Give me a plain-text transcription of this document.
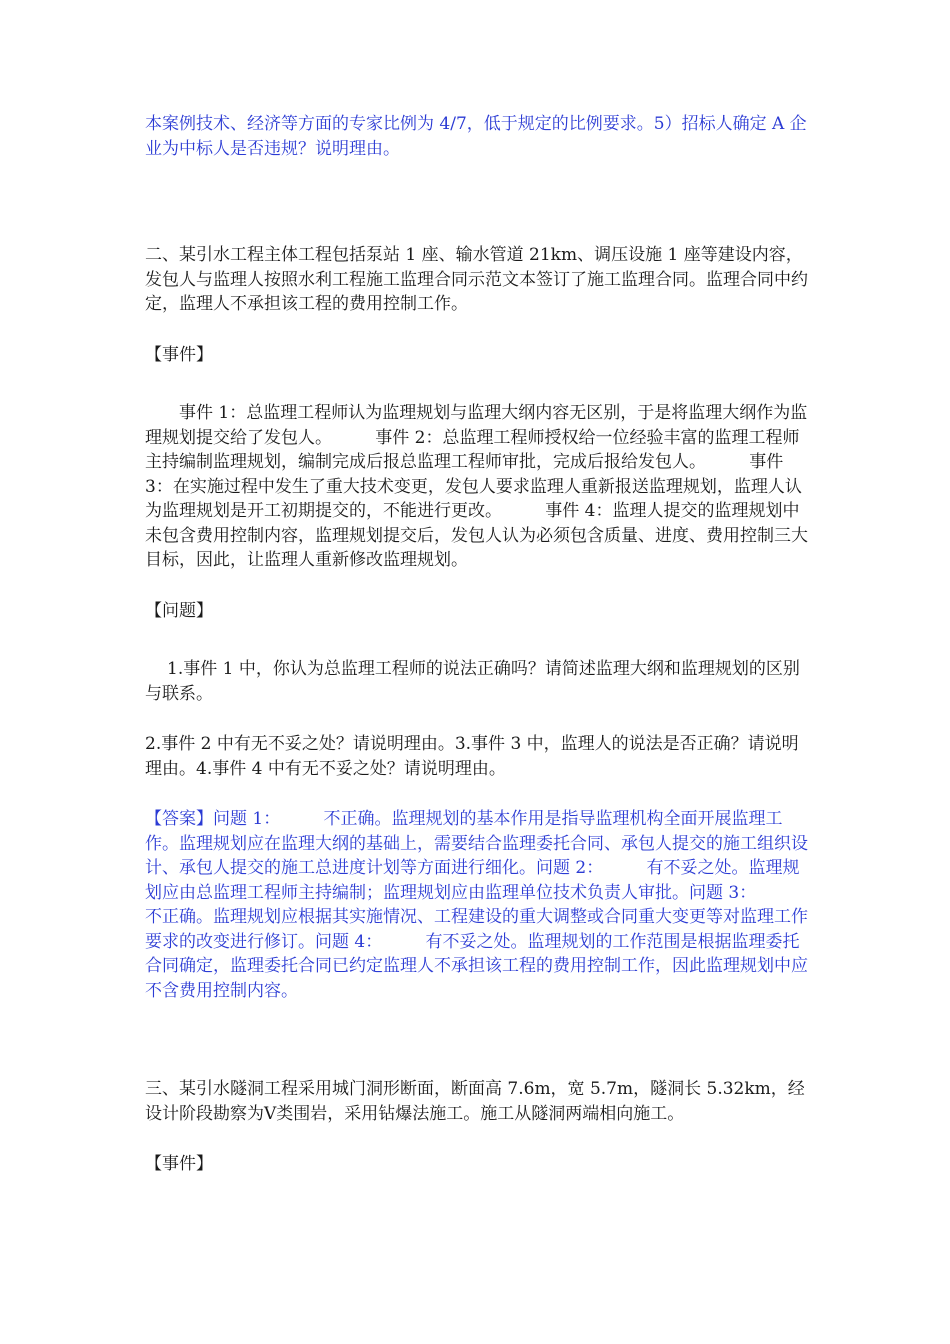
本案例技术、经济等方面的专家比例为 4/7，低于规定的比例要求。5）招标人确定 A 企业为中标人是否违规？说明理由。

二、某引水工程主体工程包括泵站 1 座、输水管道 21km、调压设施 1 座等建设内容，发包人与监理人按照水利工程施工监理合同示范文本签订了施工监理合同。监理合同中约定，监理人不承担该工程的费用控制工作。

【事件】

事件 1：总监理工程师认为监理规划与监理大纲内容无区别，于是将监理大纲作为监理规划提交给了发包人。        事件 2：总监理工程师授权给一位经验丰富的监理工程师主持编制监理规划，编制完成后报总监理工程师审批，完成后报给发包人。        事件 3：在实施过程中发生了重大技术变更，发包人要求监理人重新报送监理规划，监理人认为监理规划是开工初期提交的，不能进行更改。        事件 4：监理人提交的监理规划中未包含费用控制内容，监理规划提交后，发包人认为必须包含质量、进度、费用控制三大目标，因此，让监理人重新修改监理规划。

【问题】

1.事件 1 中，你认为总监理工程师的说法正确吗？请简述监理大纲和监理规划的区别与联系。

2.事件 2 中有无不妥之处？请说明理由。3.事件 3 中，监理人的说法是否正确？请说明理由。4.事件 4 中有无不妥之处？请说明理由。

【答案】问题 1：        不正确。监理规划的基本作用是指导监理机构全面开展监理工作。监理规划应在监理大纲的基础上，需要结合监理委托合同、承包人提交的施工组织设计、承包人提交的施工总进度计划等方面进行细化。问题 2：        有不妥之处。监理规划应由总监理工程师主持编制；监理规划应由监理单位技术负责人审批。问题 3：        不正确。监理规划应根据其实施情况、工程建设的重大调整或合同重大变更等对监理工作要求的改变进行修订。问题 4：        有不妥之处。监理规划的工作范围是根据监理委托合同确定，监理委托合同已约定监理人不承担该工程的费用控制工作，因此监理规划中应不含费用控制内容。

三、某引水隧洞工程采用城门洞形断面，断面高 7.6m，宽 5.7m，隧洞长 5.32km，经设计阶段勘察为Ⅴ类围岩，采用钻爆法施工。施工从隧洞两端相向施工。

【事件】
